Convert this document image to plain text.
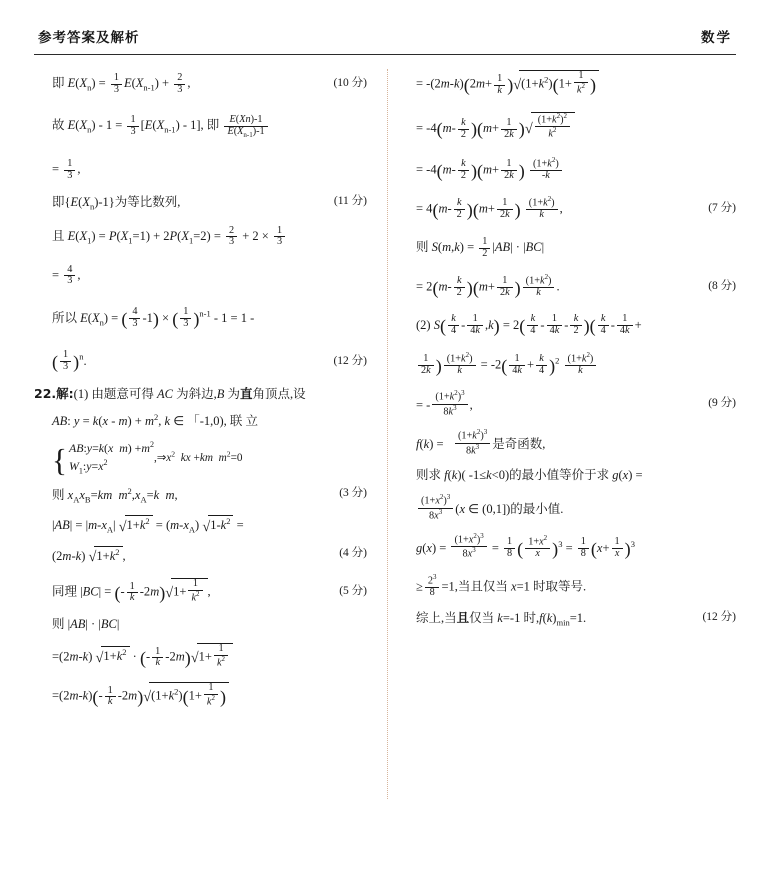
参考答案及解析	数学
即 $E(X_n) = \frac{1}{3} E(X_{n-1}) + \frac{2}{3}$ ,	(10 分)
故 $E(X_n) - 1 = \frac{1}{3} [E(X_{n-1}) - 1]$, 即 $\frac{E(Xn)-1}{E(X_{n-1})-1}$
= $\frac{1}{3}$ ,
即$\{E(X_n)-1\}$为等比数列,	(11 分)
且 $E(X_1) = P(X_1=1) + 2P(X_1=2) = \frac{2}{3} + 2 \times \frac{1}{3}$
= $\frac{4}{3}$ ,
所以 $E(X_n)$ = ( $\frac{4}{3} -1$) × ( $\frac{1}{3} )^{n-1} - 1 = 1$ -
( $\frac{1}{3} )^n$.	(12 分)
22.解:(1) 由题意可得 AC 为斜边,B 为直角顶点,设
AB: $y = k(x - m) + m^2$, k ∈ 「-1,0), 联 立
{ AB:y=k(x $m) +m^2$
$W_1:y=x^2$	$,\Rightarrow x^2$ kx +km $m^2=0$
则 $x_Ax_B=km$ $m^2,x_A=k$ m,	(3 分)
$|AB| = |m-x_A|$ √ $1+k^2 = (m-x_A)$ √ $1-k^2$ =
(2m-k) √ $1+k^2$ ,	(4 分)
同理 |BC| = (- $\frac{1}{k} -2m$) √ $1+ \frac{1}{k^2}$ ,	(5 分)
则 |AB| · |BC|
=(2m-k) √ $1+k^2$ · (- $\frac{1}{k} -2m$) √ $1+ \frac{1}{k^2}$
$=(2m-k)(- \frac{1}{k} -2m)$ √ $(1+k^2)(1+ \frac{1}{k^2}$ )
= $-(2m-k)(2m+ \frac{1}{k}$ ) √ $(1+k^2)(1+ \frac{1}{k^2}$ )
= $-4(m- \frac{k}{2} )(m+ \frac{1}{2k}$ ) √ $\frac{(1+k^2)^2}{k^2}$
= $-4(m- \frac{k}{2} )(m+ \frac{1}{2k}$ ) $\frac{(1+k^2)}{-k}$
= $4(m- \frac{k}{2} )(m+ \frac{1}{2k}$ ) $\frac{(1+k^2)}{k}$ ,	(7 分)
则 $S(m,k) = \frac{1}{2} |AB| \cdot |BC|$
= $2(m- \frac{k}{2} )(m+ \frac{1}{2k}$ ) $\frac{(1+k^2)}{k}$ .	(8 分)
(2) $S( \frac{k}{4} - \frac{1}{4k} ,k) = 2( \frac{k}{4} - \frac{1}{4k} - \frac{k}{2}$ )( $\frac{k}{4} - \frac{1}{4k}$ +
$\frac{1}{2k}$ ) $\frac{(1+k^2)}{k} = -2( \frac{1}{4k} + \frac{k}{4} )^2 \frac{(1+k^2)}{k}$
= - $\frac{(1+k^2)^3}{8k^3}$ ,	(9 分)
$f(k) = \frac{(1+k^2)^3}{8k^3}$ 是奇函数,
则求 f(k)( -1≤k<0)的最小值等价于求 g(x) =
$\frac{(1+x^2)^3}{8x^3} (x$ ∈ (0,1])的最小值.
$g(x) = \frac{(1+x^2)^3}{8x^3} = \frac{1}{8}$ ( $\frac{1+x^2}{x} )^3 = \frac{1}{8} (x+ \frac{1}{x} )^3$
≥ $\frac{2^3}{8} =1$,当且仅当 x=1 时取等号.
综上,当且仅当 k=-1 时$,f(k)_{min}=1$.	(12 分)
